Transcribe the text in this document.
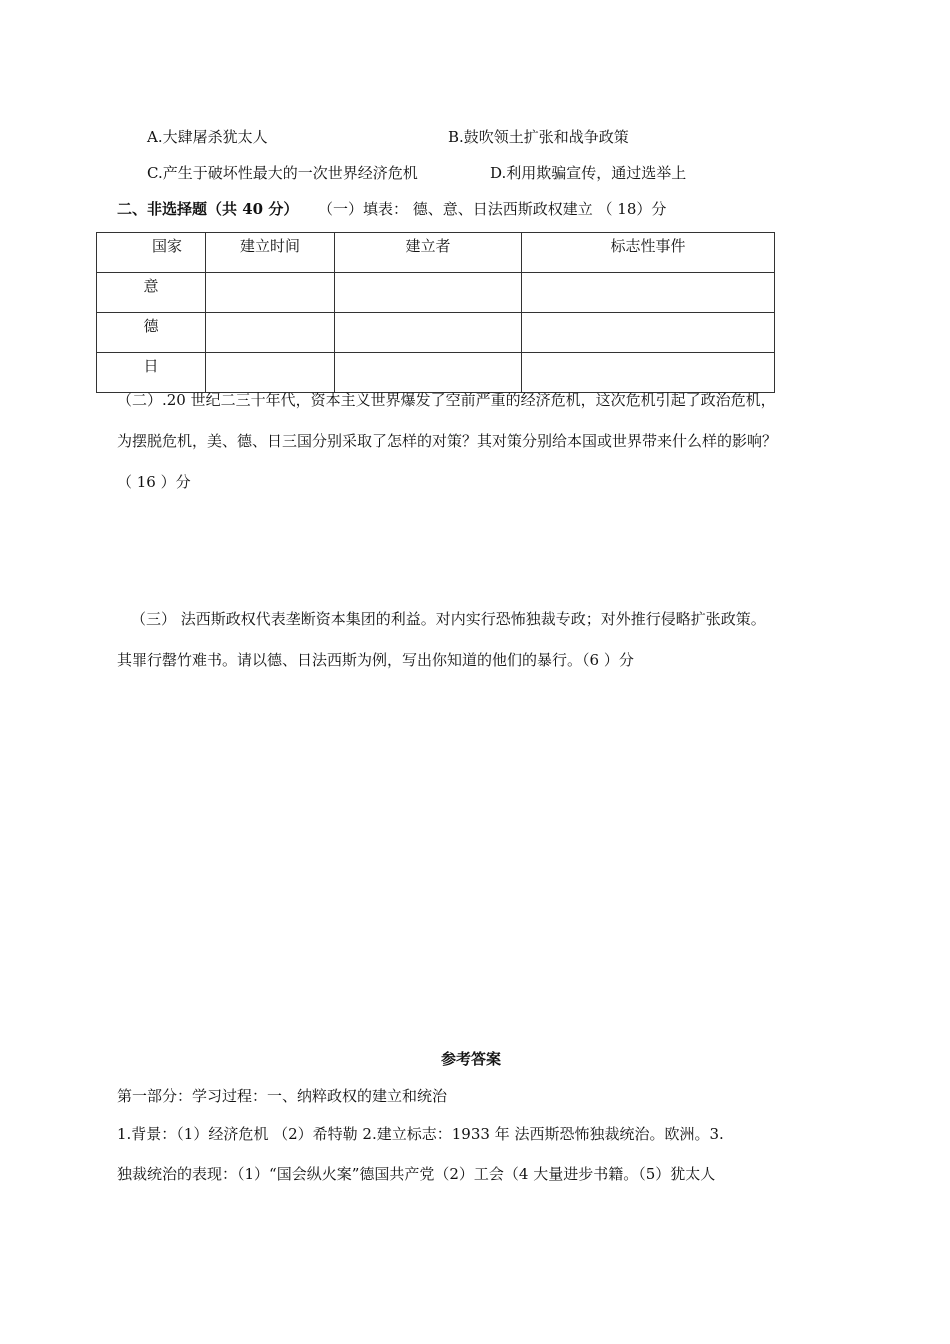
A.大肆屠杀犹太人	B.鼓吹领土扩张和战争政策
C.产生于破坏性最大的一次世界经济危机	D.利用欺骗宣传，通过选举上
二、非选择题（共 40 分） （一）填表： 德、意、日法西斯政权建立 （ 18）分
国家	建立时间	建立者	标志性事件
意			
德			
日			
（二）.20 世纪二三十年代，资本主义世界爆发了空前严重的经济危机，这次危机引起了政治危机，
为摆脱危机，美、德、日三国分别采取了怎样的对策？其对策分别给本国或世界带来什么样的影响？
（ 16 ）分
（三） 法西斯政权代表垄断资本集团的利益。对内实行恐怖独裁专政；对外推行侵略扩张政策。
其罪行罄竹难书。请以德、日法西斯为例，写出你知道的他们的暴行。（6 ）分
参考答案
第一部分：学习过程：一、纳粹政权的建立和统治
1.背景：（1）经济危机 （2）希特勒 2.建立标志：1933 年 法西斯恐怖独裁统治。欧洲。3.
独裁统治的表现：（1）“国会纵火案”德国共产党（2）工会（4 大量进步书籍。（5）犹太人
